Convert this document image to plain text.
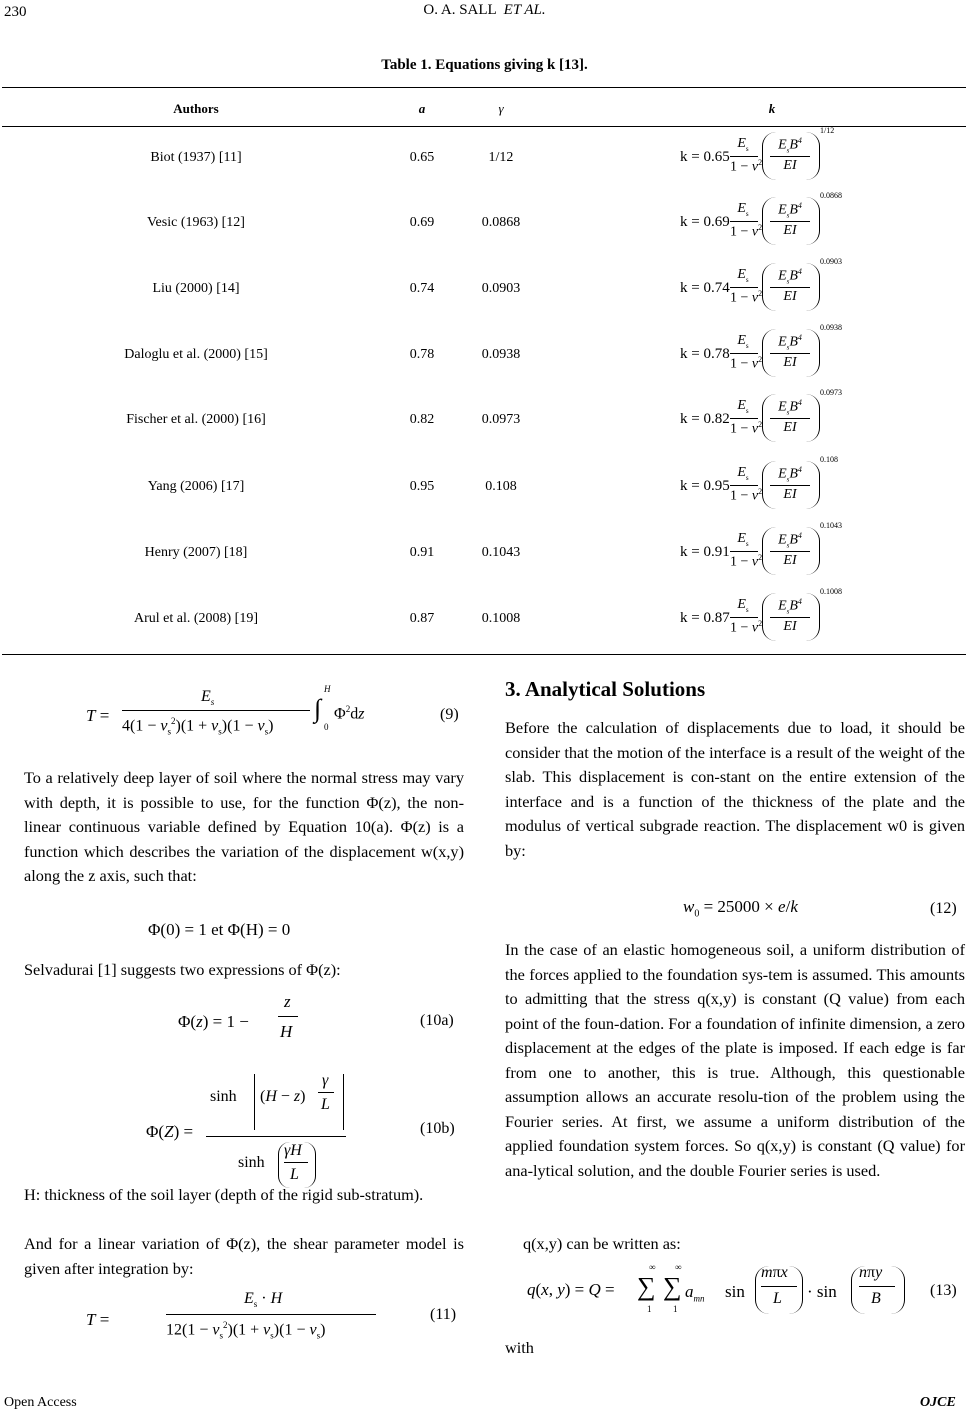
230	O. A. SALL ET AL.
Table 1. Equations giving k [13].
Authors	a	γ	k
Biot (1937) [11]	0.65	1/12	k = 0.65
$E_s$
$1 - \nu^2$
$E_sB^4$
EI
1/12
Vesic (1963) [12]	0.69	0.0868	k = 0.69
$E_s$
$1 - \nu^2$
$E_sB^4$
EI
0.0868
Liu (2000) [14]	0.74	0.0903	k = 0.74
$E_s$
$1 - \nu^2$
$E_sB^4$
EI
0.0903
Daloglu et al. (2000) [15]	0.78	0.0938	k = 0.78
$E_s$
$1 - \nu^2$
$E_sB^4$
EI
0.0938
Fischer et al. (2000) [16]	0.82	0.0973	k = 0.82
$E_s$
$1 - \nu^2$
$E_sB^4$
EI
0.0973
Yang (2006) [17]	0.95	0.108	k = 0.95
$E_s$
$1 - \nu^2$
$E_sB^4$
EI
0.108
Henry (2007) [18]	0.91	0.1043	k = 0.91
$E_s$
$1 - \nu^2$
$E_sB^4$
EI
0.1043
Arul et al. (2008) [19]	0.87	0.1008	k = 0.87
$E_s$
$1 - \nu^2$
$E_sB^4$
EI
0.1008
T =
$E_s$
$4(1 - \nu_s^2)(1 + \nu_s)(1 - \nu_s)$
∫
H
0
$\Phi^2dz$	(9)
To a relatively deep layer of soil where the normal stress may vary with depth, it is possible to use, for the function Φ(z), the non-linear continuous variable defined by Equation 10(a). Φ(z) is a function which describes the variation of the displacement w(x,y) along the z axis, such that:
Φ(0) = 1 et Φ(H) = 0
Selvadurai [1] suggests two expressions of Φ(z):
Φ(z) = 1 −
z
H
(10a)
Φ(Z) =
sinh (H − z)
γ
L
sinh
γH
L
(10b)
H: thickness of the soil layer (depth of the rigid sub-stratum).
And for a linear variation of Φ(z), the shear parameter model is given after integration by:
T =
$E_s \cdot H$
$12(1 - \nu_s^2)(1 + \nu_s)(1 - \nu_s)$
(11)
3. Analytical Solutions
Before the calculation of displacements due to load, it should be consider that the motion of the interface is a result of the weight of the slab. This displacement is con-stant on the entire extension of the interface and is a function of the thickness of the plate and the modulus of vertical subgrade reaction. The displacement w0 is given by:
$w_0 = 25000 \times e/k$	(12)
In the case of an elastic homogeneous soil, a uniform distribution of the forces applied to the foundation sys-tem is assumed. This amounts to admitting that the stress q(x,y) is constant (Q value) from each point of the foun-dation. For a foundation of infinite dimension, a zero displacement at the edges of the plate is imposed. If each edge is far from one to another, this is true. Although, this questionable assumption allows an accurate resolu-tion of the problem using the Fourier series. At first, we assume a uniform distribution of the applied foundation system forces. So q(x,y) is constant (Q value) for ana-lytical solution, and the double Fourier series is used.
q(x,y) can be written as:
q(x, y) = Q = ∑
∞
1
∑
∞
1
$a_{mn}$ sin
mπx
L · sin
nπy
B	(13)
with
Open Access	OJCE
